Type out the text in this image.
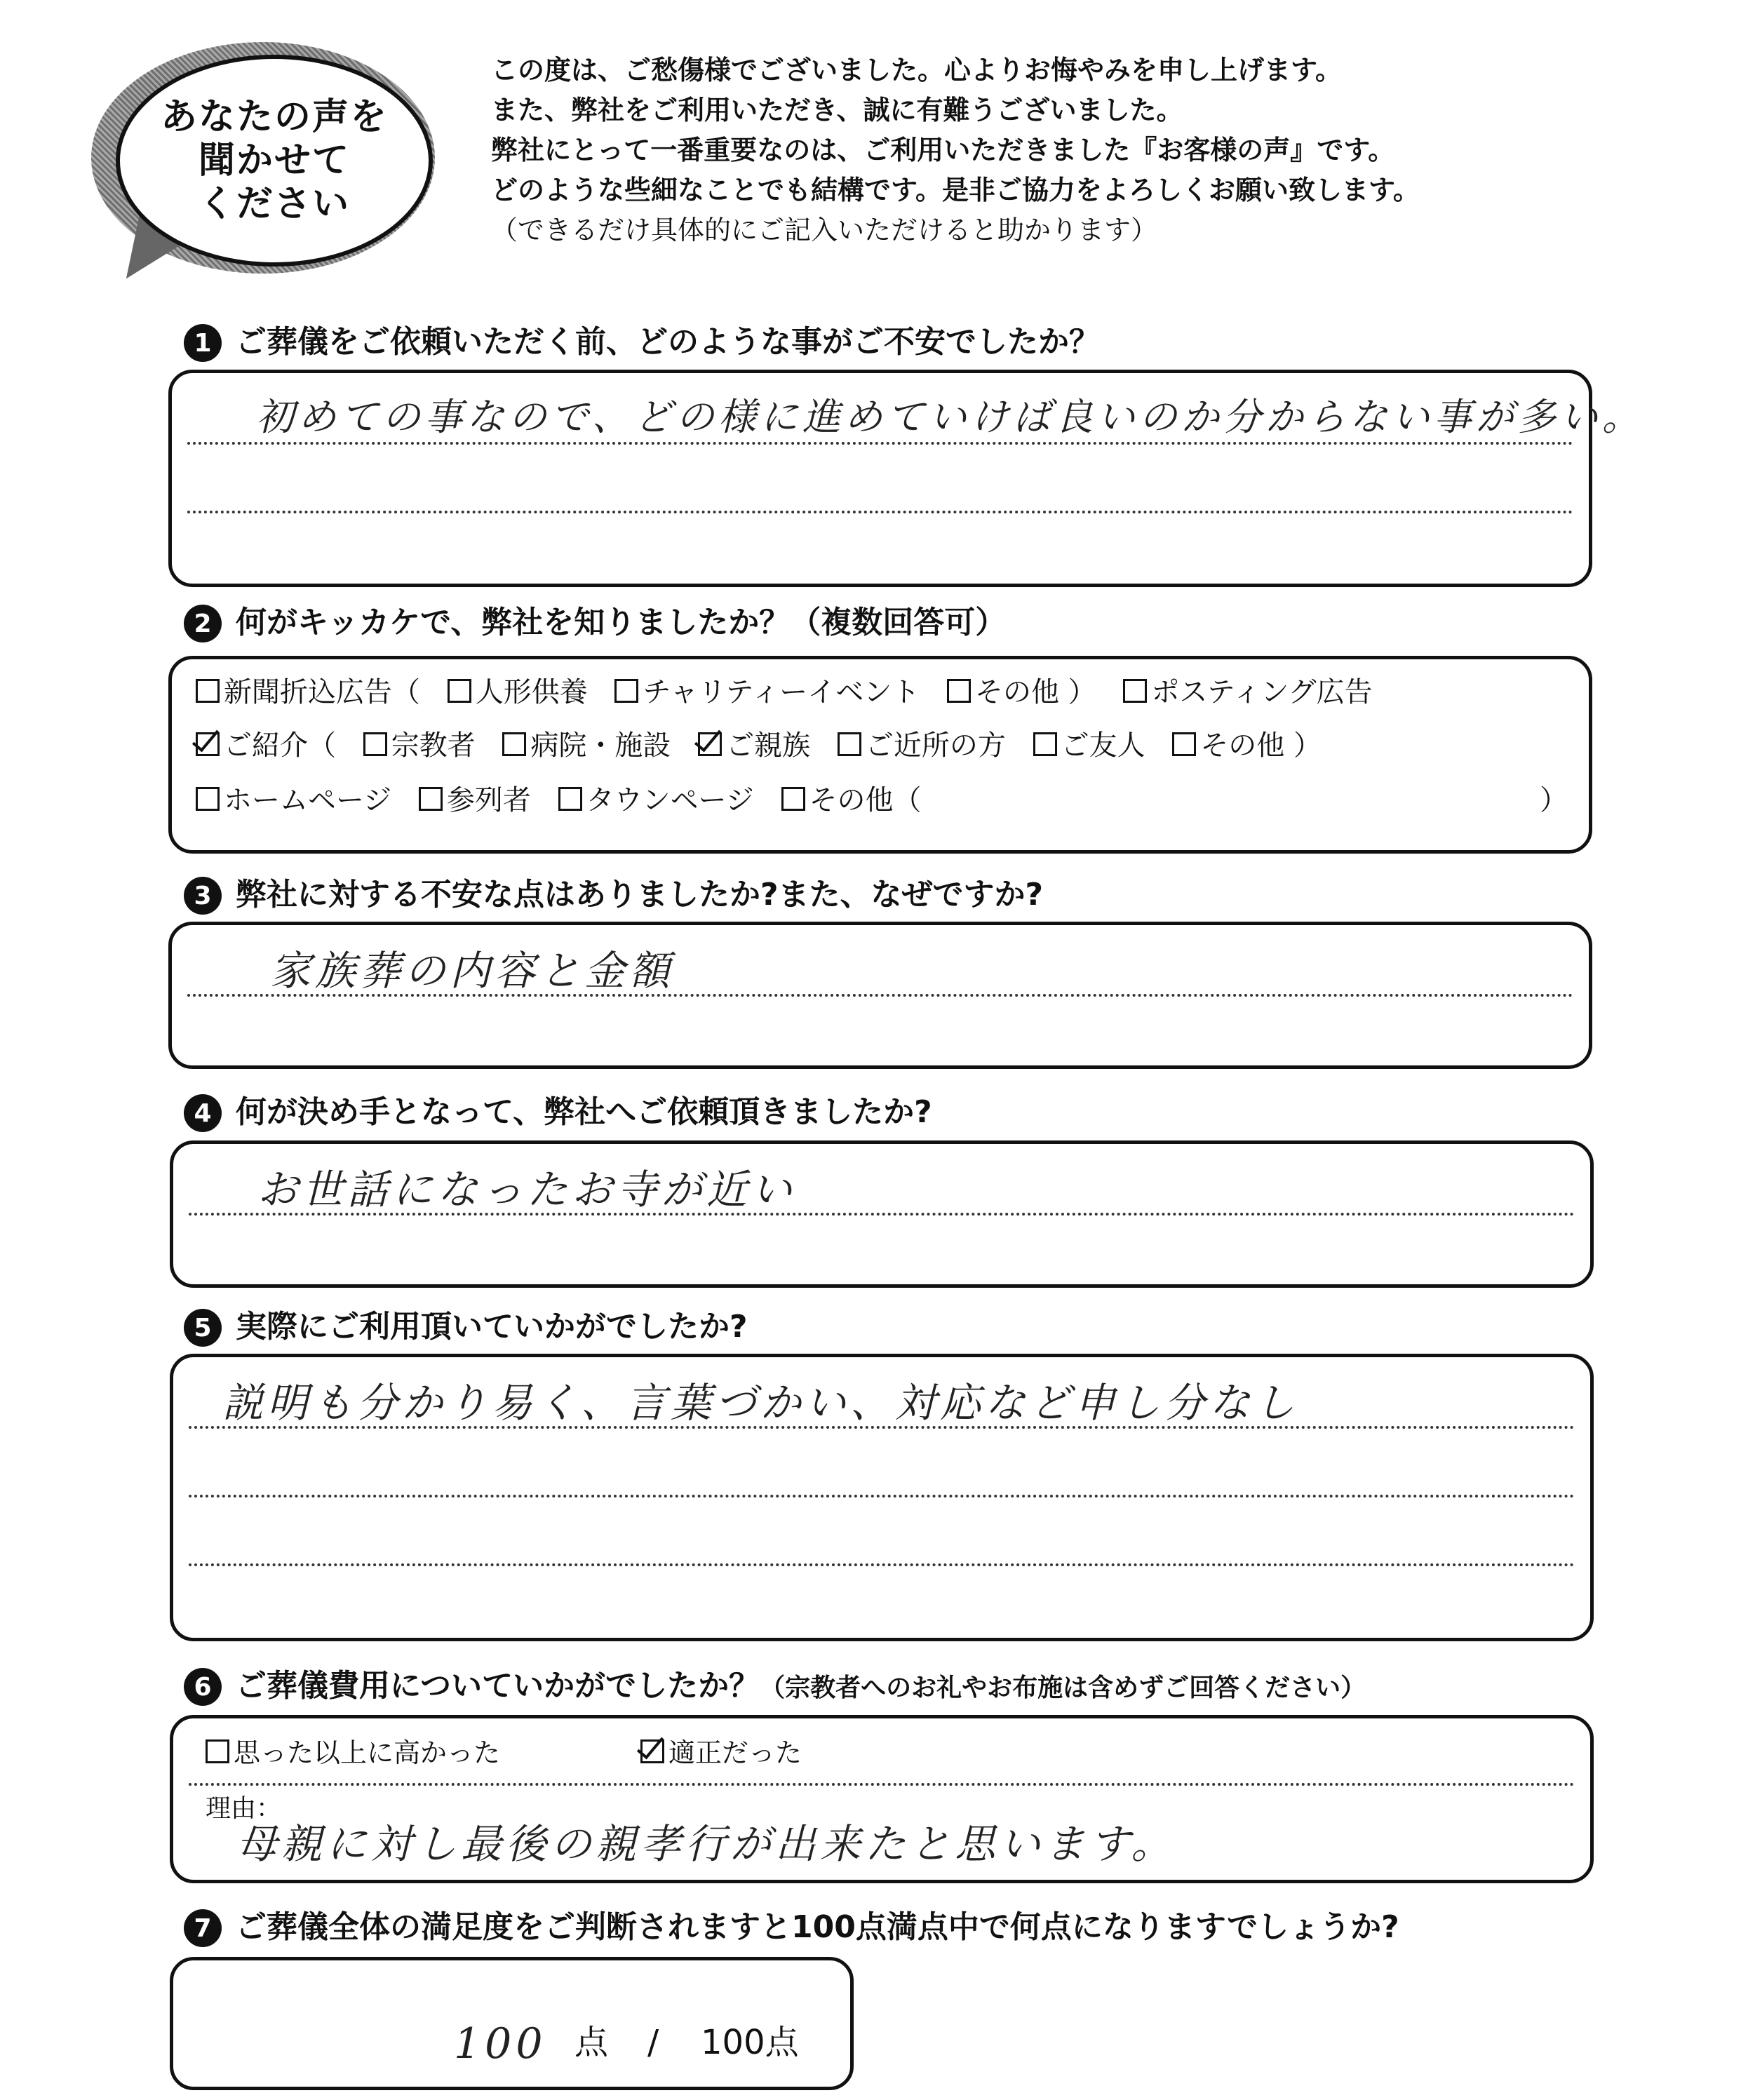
あなたの声を
聞かせて
ください
この度は、ご愁傷様でございました。心よりお悔やみを申し上げます。
また、弊社をご利用いただき、誠に有難うございました。
弊社にとって一番重要なのは、ご利用いただきました『お客様の声』です。
どのような些細なことでも結構です。是非ご協力をよろしくお願い致します。
（できるだけ具体的にご記入いただけると助かります）
1 ご葬儀をご依頼いただく前、どのような事がご不安でしたか？
初めての事なので、どの様に進めていけば良いのか分からない事が多い。
2 何がキッカケで、弊社を知りましたか？（複数回答可）
新聞折込広告（ 人形供養 チャリティーイベント その他 ） ポスティング広告
ご紹介（ 宗教者 病院・施設 ご親族 ご近所の方 ご友人 その他 ）
ホームページ 参列者 タウンページ その他（	）
3 弊社に対する不安な点はありましたか?また、なぜですか?
家族葬の内容と金額
4 何が決め手となって、弊社へご依頼頂きましたか?
お世話になったお寺が近い
5 実際にご利用頂いていかがでしたか?
説明も分かり易く、言葉づかい、対応など申し分なし
6 ご葬儀費用についていかがでしたか？（宗教者へのお礼やお布施は含めずご回答ください）
思った以上に高かった	適正だった
理由：
母親に対し最後の親孝行が出来たと思います。
7 ご葬儀全体の満足度をご判断されますと100点満点中で何点になりますでしょうか?
100 点 / 100点
